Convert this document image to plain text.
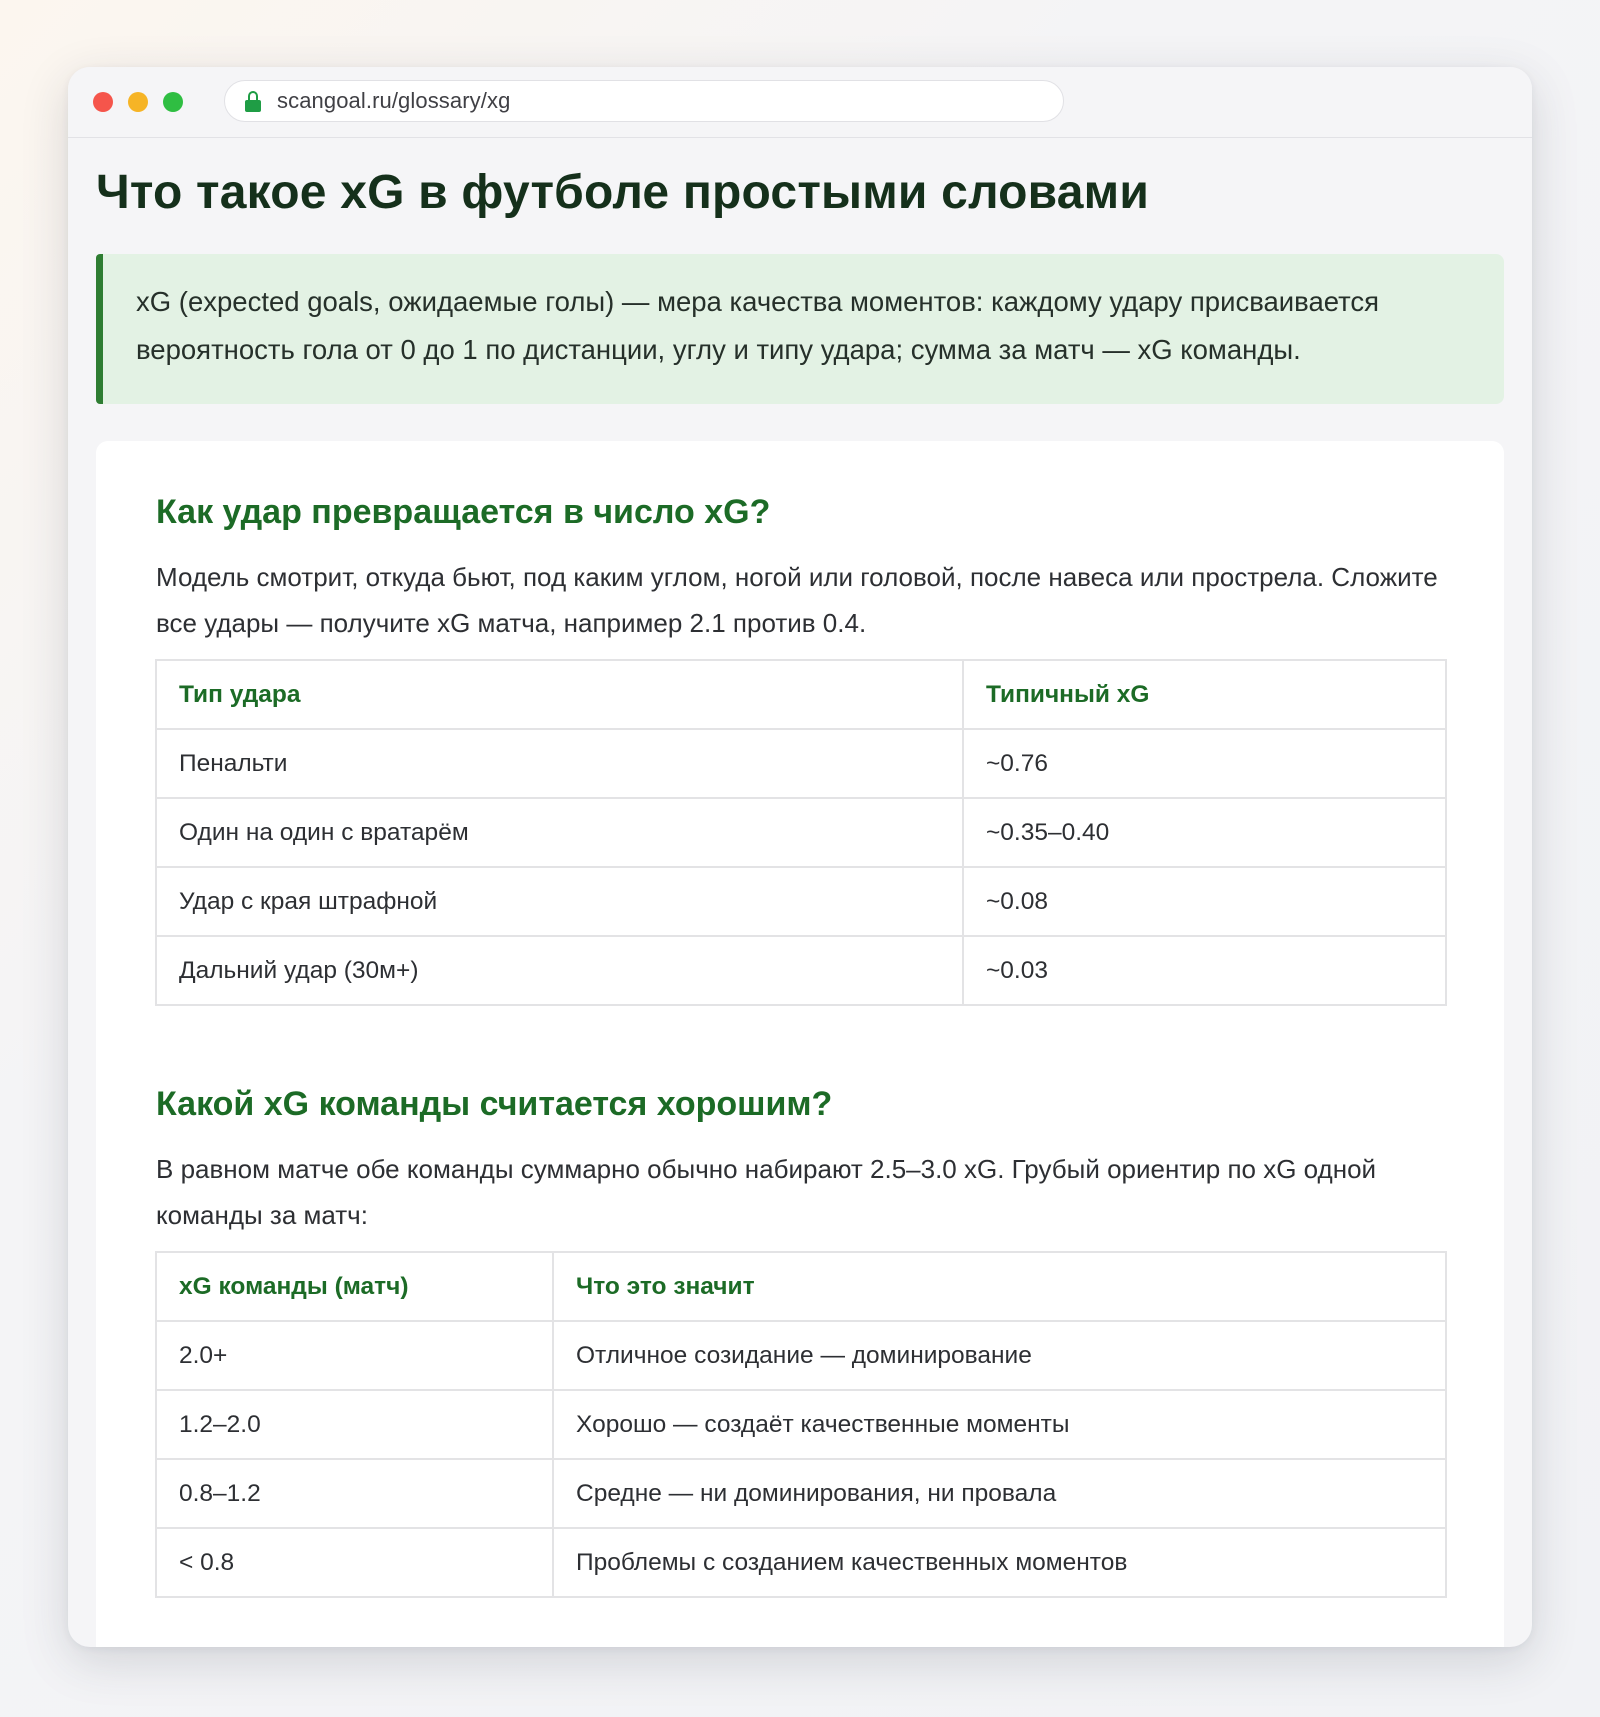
scangoal.ru/glossary/xg
Что такое xG в футболе простыми словами
xG (expected goals, ожидаемые голы) — мера качества моментов: каждому удару присваивается вероятность гола от 0 до 1 по дистанции, углу и типу удара; сумма за матч — xG команды.
Как удар превращается в число xG?

Модель смотрит, откуда бьют, под каким углом, ногой или головой, после навеса или прострела. Сложите все удары — получите xG матча, например 2.1 против 0.4.

Тип удара	Типичный xG
Пенальти	~0.76
Один на один с вратарём	~0.35–0.40
Удар с края штрафной	~0.08
Дальний удар (30м+)	~0.03
Какой xG команды считается хорошим?

В равном матче обе команды суммарно обычно набирают 2.5–3.0 xG. Грубый ориентир по xG одной команды за матч:

xG команды (матч)	Что это значит
2.0+	Отличное созидание — доминирование
1.2–2.0	Хорошо — создаёт качественные моменты
0.8–1.2	Средне — ни доминирования, ни провала
< 0.8	Проблемы с созданием качественных моментов
